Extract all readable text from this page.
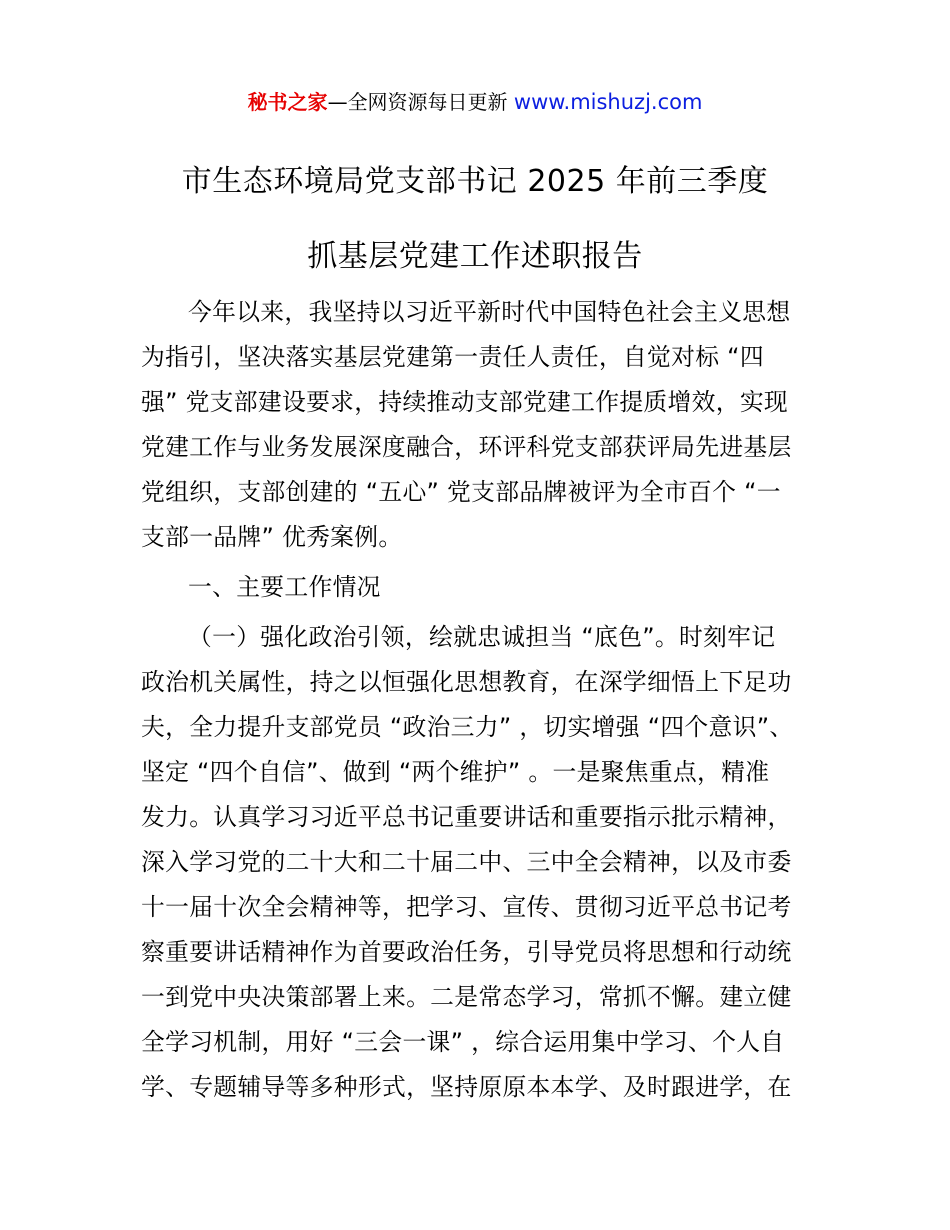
秘书之家—全网资源每日更新 www.mishuzj.com
市生态环境局党支部书记 2025 年前三季度
抓基层党建工作述职报告
今年以来，我坚持以习近平新时代中国特色社会主义思想
为指引，坚决落实基层党建第一责任人责任，自觉对标 “四
强” 党支部建设要求，持续推动支部党建工作提质增效，实现
党建工作与业务发展深度融合，环评科党支部获评局先进基层
党组织，支部创建的 “五心” 党支部品牌被评为全市百个 “一
支部一品牌” 优秀案例。
一、主要工作情况
（一）强化政治引领，绘就忠诚担当 “底色”。时刻牢记
政治机关属性，持之以恒强化思想教育，在深学细悟上下足功
夫，全力提升支部党员 “政治三力” ，切实增强 “四个意识”、
坚定 “四个自信”、做到 “两个维护” 。一是聚焦重点，精准
发力。认真学习习近平总书记重要讲话和重要指示批示精神，
深入学习党的二十大和二十届二中、三中全会精神，以及市委
十一届十次全会精神等，把学习、宣传、贯彻习近平总书记考
察重要讲话精神作为首要政治任务，引导党员将思想和行动统
一到党中央决策部署上来。二是常态学习，常抓不懈。建立健
全学习机制，用好 “三会一课” ，综合运用集中学习、个人自
学、专题辅导等多种形式，坚持原原本本学、及时跟进学，在
